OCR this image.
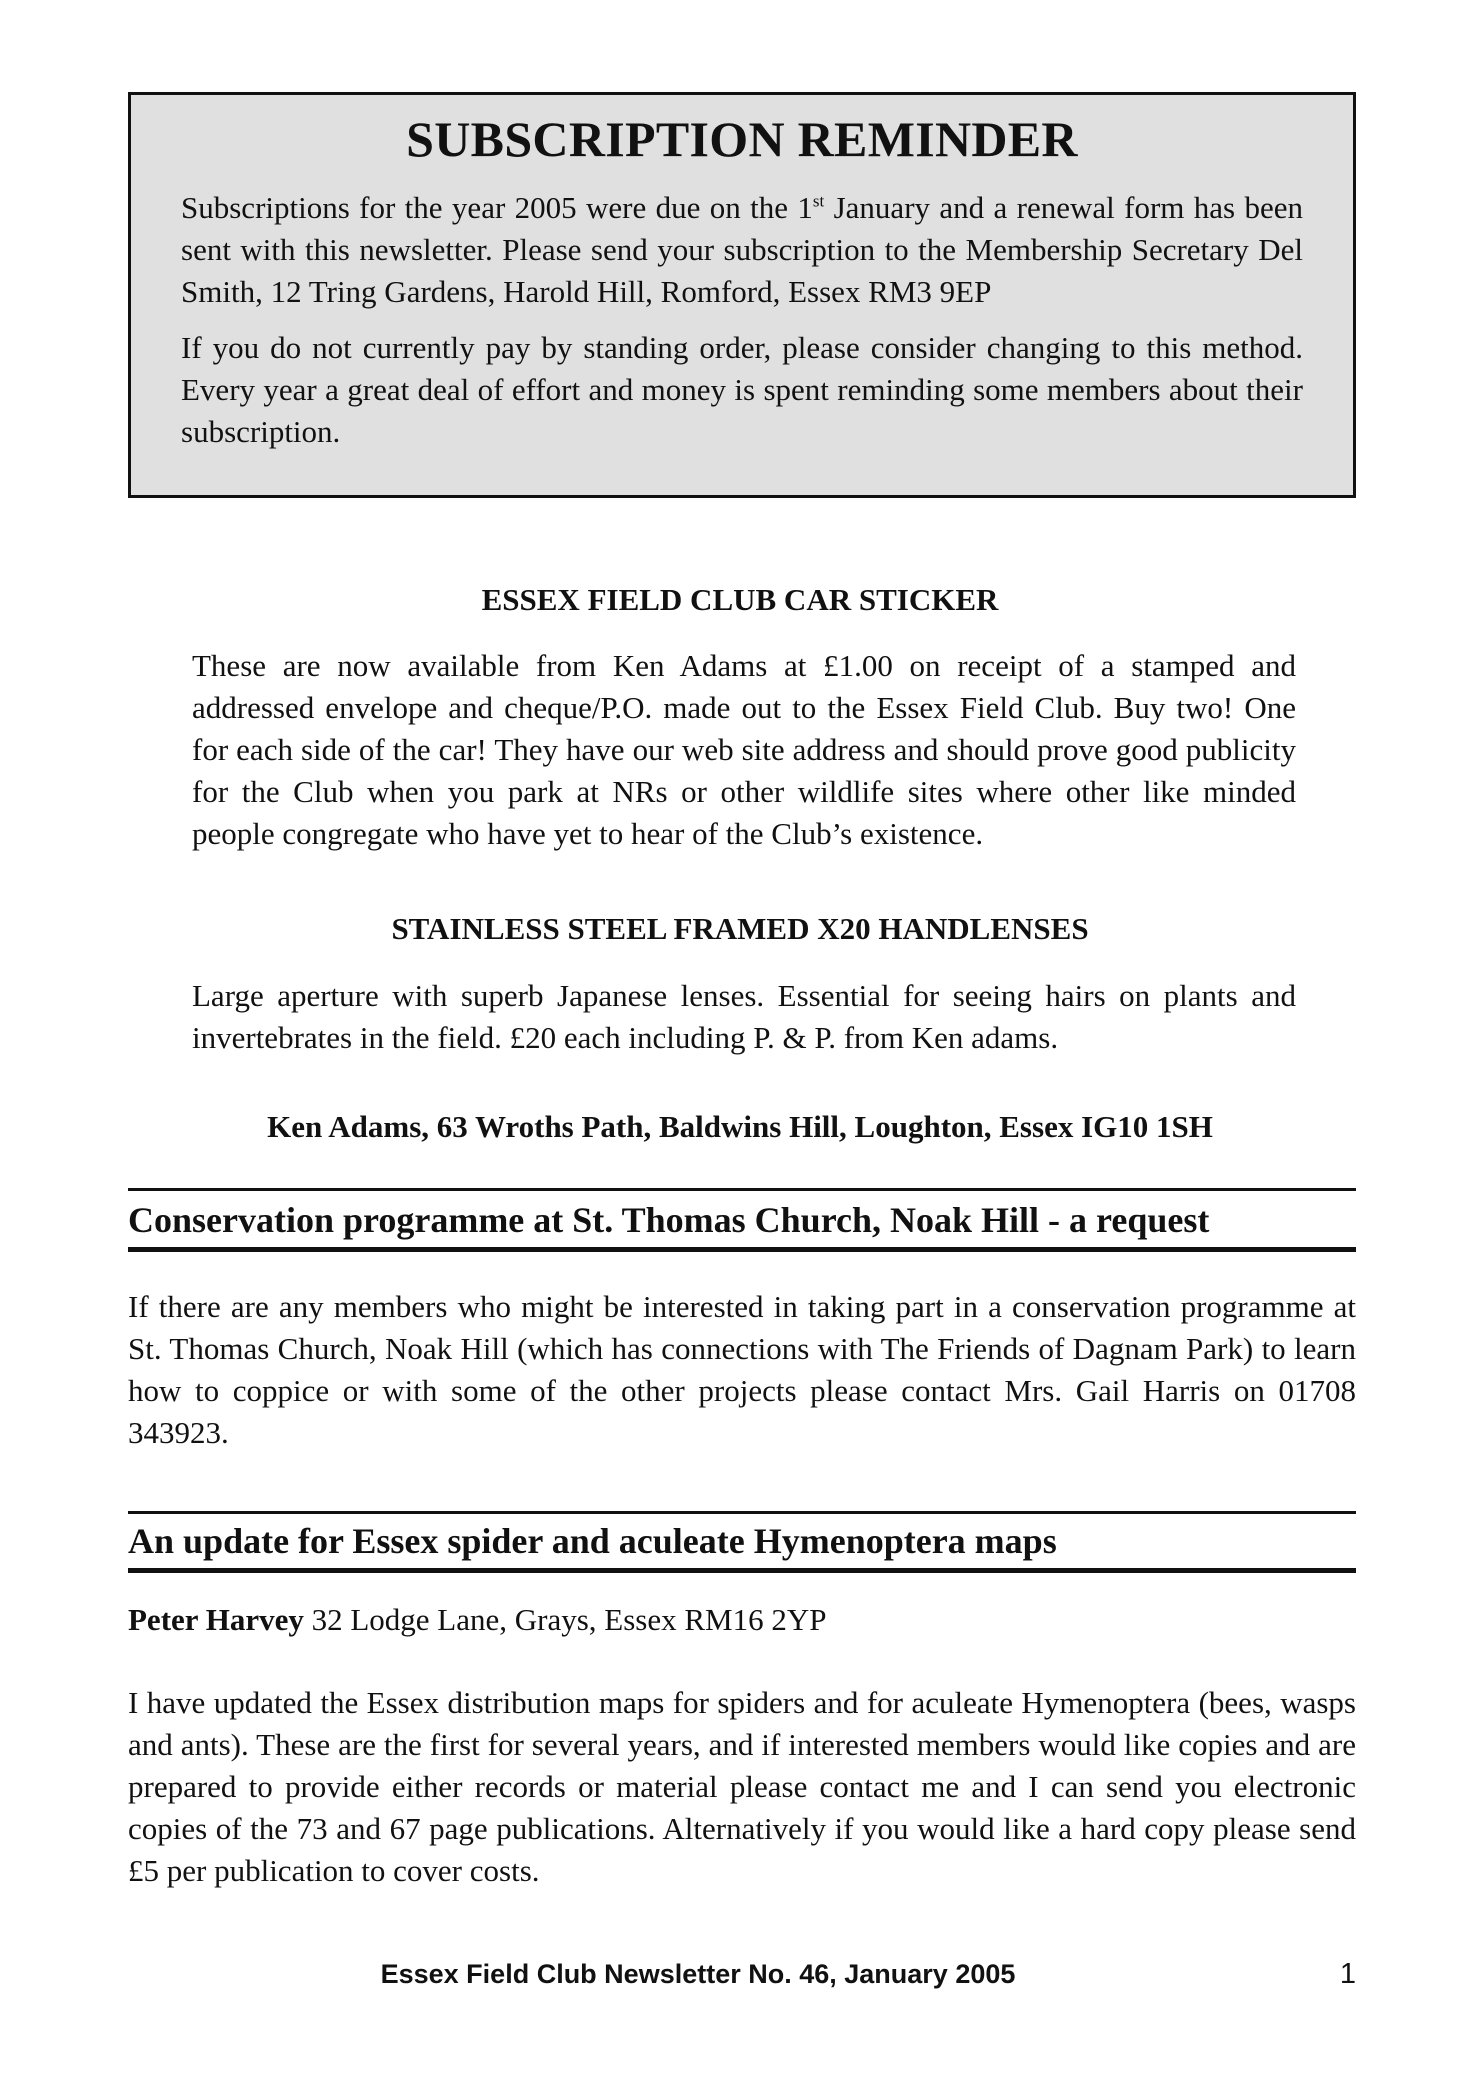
SUBSCRIPTION REMINDER

Subscriptions for the year 2005 were due on the 1st January and a renewal form has been sent with this newsletter. Please send your subscription to the Membership Secretary Del Smith, 12 Tring Gardens, Harold Hill, Romford, Essex RM3 9EP

If you do not currently pay by standing order, please consider changing to this method. Every year a great deal of effort and money is spent reminding some members about their subscription.

ESSEX FIELD CLUB CAR STICKER

These are now available from Ken Adams at £1.00 on receipt of a stamped and addressed envelope and cheque/P.O. made out to the Essex Field Club. Buy two! One for each side of the car! They have our web site address and should prove good publicity for the Club when you park at NRs or other wildlife sites where other like minded people congregate who have yet to hear of the Club’s existence.

STAINLESS STEEL FRAMED X20 HANDLENSES

Large aperture with superb Japanese lenses. Essential for seeing hairs on plants and invertebrates in the field. £20 each including P. & P. from Ken adams.

Ken Adams, 63 Wroths Path, Baldwins Hill, Loughton, Essex IG10 1SH
Conservation programme at St. Thomas Church, Noak Hill - a request

If there are any members who might be interested in taking part in a conservation programme at St. Thomas Church, Noak Hill (which has connections with The Friends of Dagnam Park) to learn how to coppice or with some of the other projects please contact Mrs. Gail Harris on 01708 343923.

An update for Essex spider and aculeate Hymenoptera maps
Peter Harvey 32 Lodge Lane, Grays, Essex RM16 2YP

I have updated the Essex distribution maps for spiders and for aculeate Hymenoptera (bees, wasps and ants). These are the first for several years, and if interested members would like copies and are prepared to provide either records or material please contact me and I can send you electronic copies of the 73 and 67 page publications. Alternatively if you would like a hard copy please send £5 per publication to cover costs.

Essex Field Club Newsletter No. 46, January 2005	1
